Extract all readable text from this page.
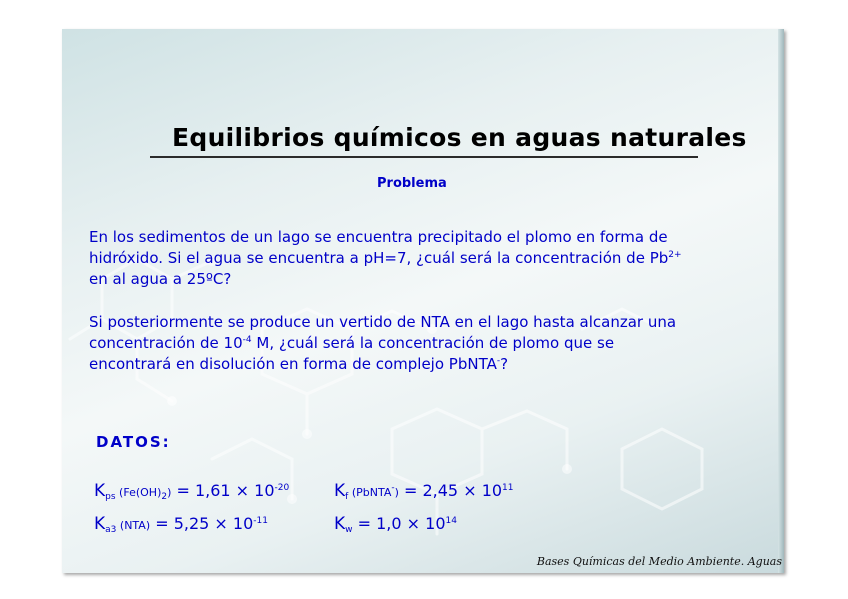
Equilibrios químicos en aguas naturales
Problema

En los sedimentos de un lago se encuentra precipitado el plomo en forma de
hidróxido. Si el agua se encuentra a pH=7, ¿cuál será la concentración de $Pb^{2+}$
en al agua a 25ºC?

Si posteriormente se produce un vertido de NTA en el lago hasta alcanzar una
concentración de $10^{-4}$ M, ¿cuál será la concentración de plomo que se
encontrará en disolución en forma de complejo PbNTA-?

DATOS:

$K_{ps}$ $(Fe(OH)_2) = 1,61 \times 10^{-20}$	$K_f$ (PbNTA-) = $2,45 \times 10^{11}$

$K_{a3}$ $(NTA) = 5,25 \times 10^{-11}$	$K_w = 1,0 \times 10^{14}$

Bases Químicas del Medio Ambiente. Aguas
